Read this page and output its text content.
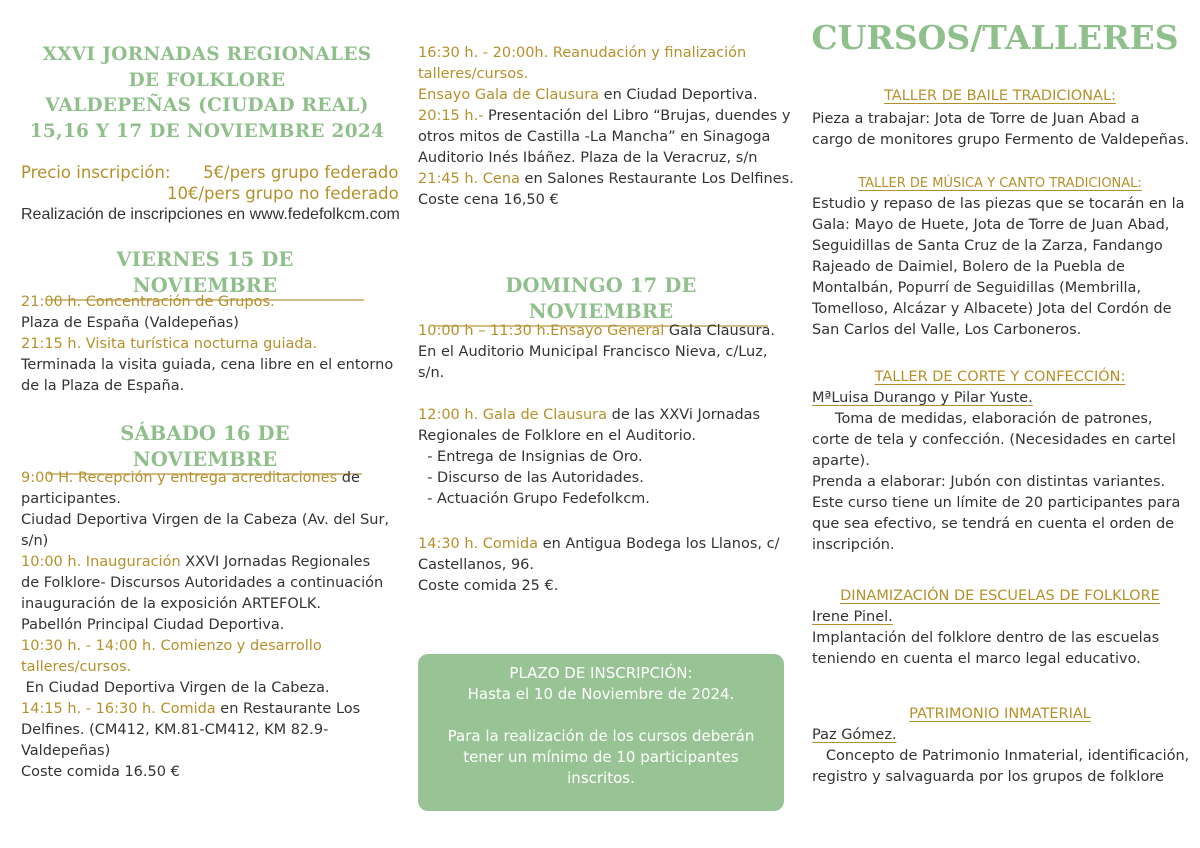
XXVI JORNADAS REGIONALES
DE FOLKLORE
VALDEPEÑAS (CIUDAD REAL)
15,16 Y 17 DE NOVIEMBRE 2024
Precio inscripción: 5€/pers grupo federado
10€/pers grupo no federado
Realización de inscripciones en www.fedefolkcm.com
VIERNES 15 DE NOVIEMBRE
21:00 h. Concentración de Grupos.
Plaza de España (Valdepeñas)
21:15 h. Visita turística nocturna guiada.
Terminada la visita guiada, cena libre en el entorno
de la Plaza de España.
SÁBADO 16 DE NOVIEMBRE
9:00 H. Recepción y entrega acreditaciones de
participantes.
Ciudad Deportiva Virgen de la Cabeza (Av. del Sur,
s/n)
10:00 h. Inauguración XXVI Jornadas Regionales
de Folklore- Discursos Autoridades a continuación
inauguración de la exposición ARTEFOLK.
Pabellón Principal Ciudad Deportiva.
10:30 h. - 14:00 h. Comienzo y desarrollo
talleres/cursos.
En Ciudad Deportiva Virgen de la Cabeza.
14:15 h. - 16:30 h. Comida en Restaurante Los
Delfines. (CM412, KM.81-CM412, KM 82.9-
Valdepeñas)
Coste comida 16.50 €
16:30 h. - 20:00h. Reanudación y finalización
talleres/cursos.
Ensayo Gala de Clausura en Ciudad Deportiva.
20:15 h.- Presentación del Libro “Brujas, duendes y
otros mitos de Castilla -La Mancha” en Sinagoga
Auditorio Inés Ibáñez. Plaza de la Veracruz, s/n
21:45 h. Cena en Salones Restaurante Los Delfines.
Coste cena 16,50 €
DOMINGO 17 DE NOVIEMBRE
10:00 h – 11:30 h.Ensayo General Gala Clausura.
En el Auditorio Municipal Francisco Nieva, c/Luz,
s/n.
12:00 h. Gala de Clausura de las XXVi Jornadas
Regionales de Folklore en el Auditorio.
- Entrega de Insignias de Oro.
- Discurso de las Autoridades.
- Actuación Grupo Fedefolkcm.
14:30 h. Comida en Antigua Bodega los Llanos, c/
Castellanos, 96.
Coste comida 25 €.
PLAZO DE INSCRIPCIÓN:
Hasta el 10 de Noviembre de 2024.
Para la realización de los cursos deberán
tener un mínimo de 10 participantes
inscritos.
CURSOS/TALLERES
TALLER DE BAILE TRADICIONAL:
Pieza a trabajar: Jota de Torre de Juan Abad a
cargo de monitores grupo Fermento de Valdepeñas.
TALLER DE MÚSICA Y CANTO TRADICIONAL:
Estudio y repaso de las piezas que se tocarán en la
Gala: Mayo de Huete, Jota de Torre de Juan Abad,
Seguidillas de Santa Cruz de la Zarza, Fandango
Rajeado de Daimiel, Bolero de la Puebla de
Montalbán, Popurrí de Seguidillas (Membrilla,
Tomelloso, Alcázar y Albacete) Jota del Cordón de
San Carlos del Valle, Los Carboneros.
TALLER DE CORTE Y CONFECCIÓN:
MªLuisa Durango y Pilar Yuste.
Toma de medidas, elaboración de patrones,
corte de tela y confección. (Necesidades en cartel
aparte).
Prenda a elaborar: Jubón con distintas variantes.
Este curso tiene un límite de 20 participantes para
que sea efectivo, se tendrá en cuenta el orden de
inscripción.
DINAMIZACIÓN DE ESCUELAS DE FOLKLORE
Irene Pinel.
Implantación del folklore dentro de las escuelas
teniendo en cuenta el marco legal educativo.
PATRIMONIO INMATERIAL
Paz Gómez.
Concepto de Patrimonio Inmaterial, identificación,
registro y salvaguarda por los grupos de folklore
